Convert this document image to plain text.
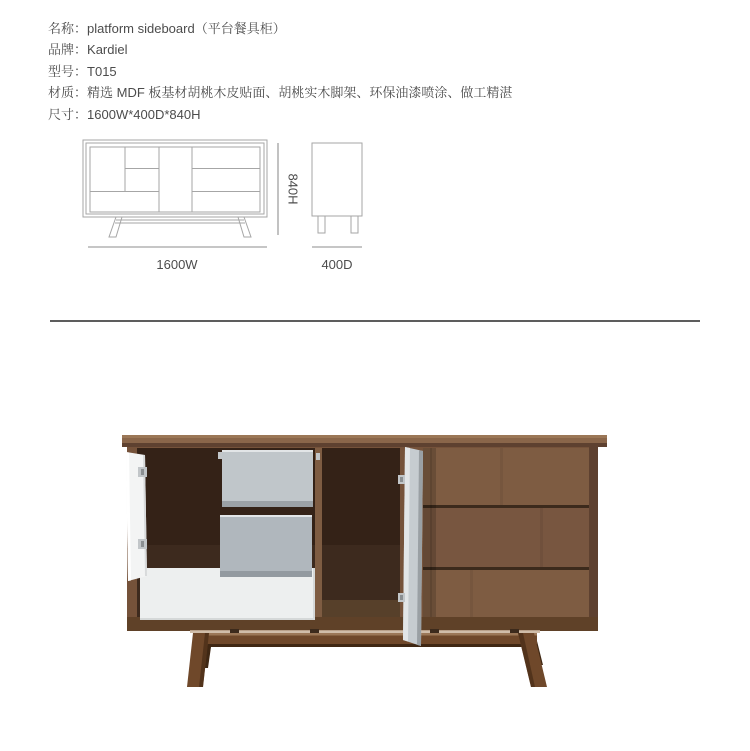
名称：platform sideboard（平台餐具柜）
品牌：Kardiel
型号：T015
材质：精选 MDF 板基材胡桃木皮贴面、胡桃实木脚架、环保油漆喷涂、做工精湛
尺寸：1600W*400D*840H
1600W	400D
840H
